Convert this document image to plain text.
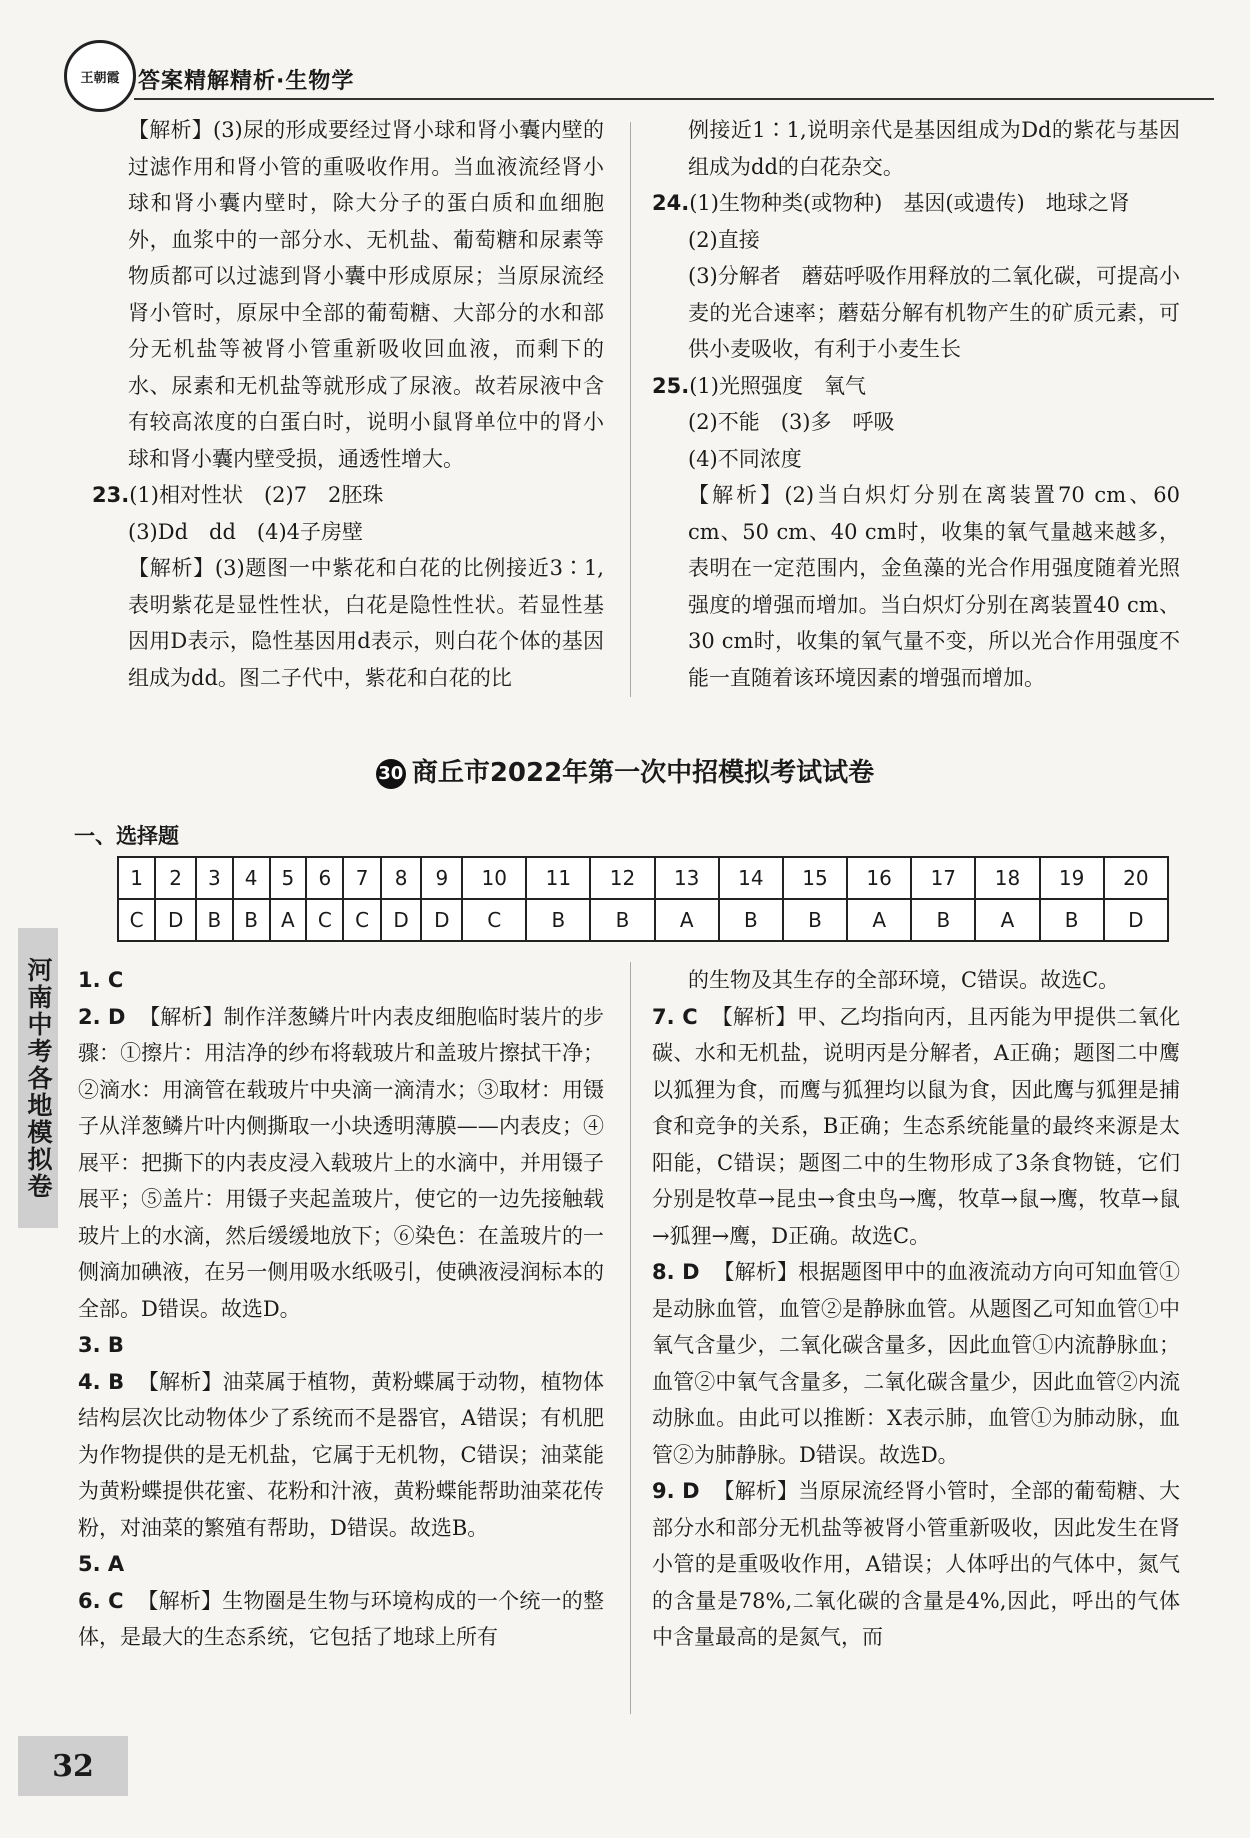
王朝霞 答案精解精析·生物学

【解析】(3)尿的形成要经过肾小球和肾小囊内壁的过滤作用和肾小管的重吸收作用。当血液流经肾小球和肾小囊内壁时，除大分子的蛋白质和血细胞外，血浆中的一部分水、无机盐、葡萄糖和尿素等物质都可以过滤到肾小囊中形成原尿；当原尿流经肾小管时，原尿中全部的葡萄糖、大部分的水和部分无机盐等被肾小管重新吸收回血液，而剩下的水、尿素和无机盐等就形成了尿液。故若尿液中含有较高浓度的白蛋白时，说明小鼠肾单位中的肾小球和肾小囊内壁受损，通透性增大。

23.(1)相对性状　(2)7　2胚珠

(3)Dd　dd　(4)4子房壁

【解析】(3)题图一中紫花和白花的比例接近3∶1,表明紫花是显性性状，白花是隐性性状。若显性基因用D表示，隐性基因用d表示，则白花个体的基因组成为dd。图二子代中，紫花和白花的比

例接近1∶1,说明亲代是基因组成为Dd的紫花与基因组成为dd的白花杂交。

24.(1)生物种类(或物种)　基因(或遗传)　地球之肾

(2)直接

(3)分解者　蘑菇呼吸作用释放的二氧化碳，可提高小麦的光合速率；蘑菇分解有机物产生的矿质元素，可供小麦吸收，有利于小麦生长

25.(1)光照强度　氧气

(2)不能　(3)多　呼吸

(4)不同浓度

【解析】(2)当白炽灯分别在离装置70 cm、60 cm、50 cm、40 cm时，收集的氧气量越来越多，表明在一定范围内，金鱼藻的光合作用强度随着光照强度的增强而增加。当白炽灯分别在离装置40 cm、30 cm时，收集的氧气量不变，所以光合作用强度不能一直随着该环境因素的增强而增加。

30 商丘市2022年第一次中招模拟考试试卷
一、选择题
1	2	3	4	5	6	7	8	9	10	11	12	13	14	15	16	17	18	19	20
C	D	B	B	A	C	C	D	D	C	B	B	A	B	B	A	B	A	B	D

1. C

2. D 【解析】制作洋葱鳞片叶内表皮细胞临时装片的步骤：①擦片：用洁净的纱布将载玻片和盖玻片擦拭干净；②滴水：用滴管在载玻片中央滴一滴清水；③取材：用镊子从洋葱鳞片叶内侧撕取一小块透明薄膜——内表皮；④展平：把撕下的内表皮浸入载玻片上的水滴中，并用镊子展平；⑤盖片：用镊子夹起盖玻片，使它的一边先接触载玻片上的水滴，然后缓缓地放下；⑥染色：在盖玻片的一侧滴加碘液，在另一侧用吸水纸吸引，使碘液浸润标本的全部。D错误。故选D。

3. B

4. B 【解析】油菜属于植物，黄粉蝶属于动物，植物体结构层次比动物体少了系统而不是器官，A错误；有机肥为作物提供的是无机盐，它属于无机物，C错误；油菜能为黄粉蝶提供花蜜、花粉和汁液，黄粉蝶能帮助油菜花传粉，对油菜的繁殖有帮助，D错误。故选B。

5. A

6. C 【解析】生物圈是生物与环境构成的一个统一的整体，是最大的生态系统，它包括了地球上所有

的生物及其生存的全部环境，C错误。故选C。

7. C 【解析】甲、乙均指向丙，且丙能为甲提供二氧化碳、水和无机盐，说明丙是分解者，A正确；题图二中鹰以狐狸为食，而鹰与狐狸均以鼠为食，因此鹰与狐狸是捕食和竞争的关系，B正确；生态系统能量的最终来源是太阳能，C错误；题图二中的生物形成了3条食物链，它们分别是牧草→昆虫→食虫鸟→鹰，牧草→鼠→鹰，牧草→鼠→狐狸→鹰，D正确。故选C。

8. D 【解析】根据题图甲中的血液流动方向可知血管①是动脉血管，血管②是静脉血管。从题图乙可知血管①中氧气含量少，二氧化碳含量多，因此血管①内流静脉血；血管②中氧气含量多，二氧化碳含量少，因此血管②内流动脉血。由此可以推断：X表示肺，血管①为肺动脉，血管②为肺静脉。D错误。故选D。

9. D 【解析】当原尿流经肾小管时，全部的葡萄糖、大部分水和部分无机盐等被肾小管重新吸收，因此发生在肾小管的是重吸收作用，A错误；人体呼出的气体中，氮气的含量是78%,二氧化碳的含量是4%,因此，呼出的气体中含量最高的是氮气，而

河南中考各地模拟卷
32
